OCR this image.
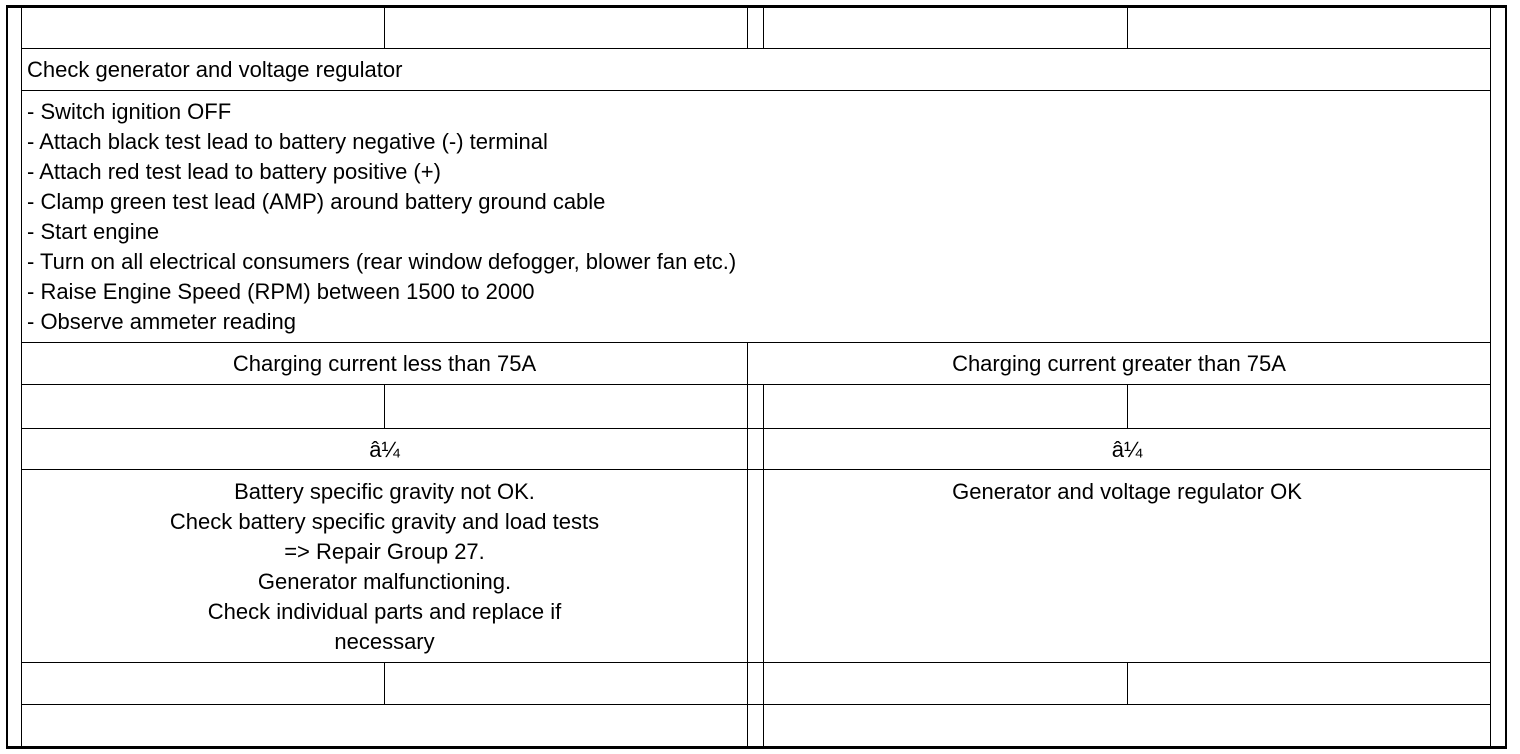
Check generator and voltage regulator
- Switch ignition OFF
- Attach black test lead to battery negative (-) terminal
- Attach red test lead to battery positive (+)
- Clamp green test lead (AMP) around battery ground cable
- Start engine
- Turn on all electrical consumers (rear window defogger, blower fan etc.)
- Raise Engine Speed (RPM) between 1500 to 2000
- Observe ammeter reading
Charging current less than 75A	Charging current greater than 75A
â¼	â¼
Battery specific gravity not OK.
Check battery specific gravity and load tests
=> Repair Group 27.
Generator malfunctioning.
Check individual parts and replace if
necessary
Generator and voltage regulator OK
